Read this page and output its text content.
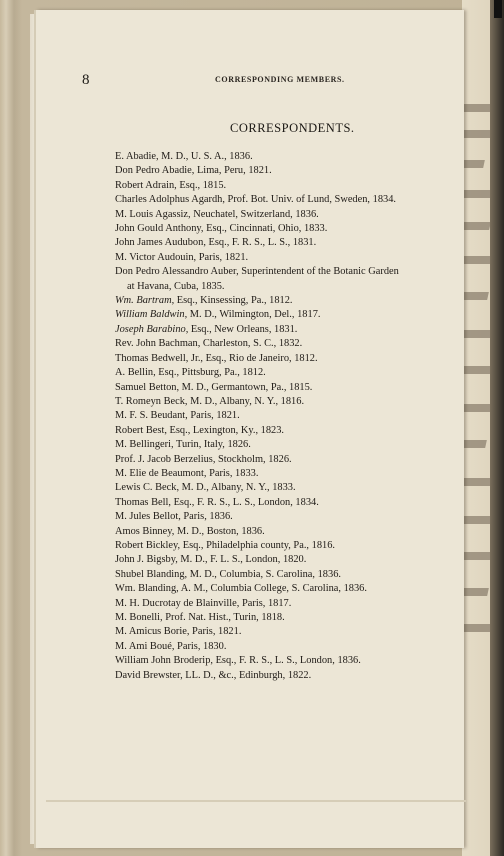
8	CORRESPONDING MEMBERS.
CORRESPONDENTS.
E. Abadie, M. D., U. S. A., 1836.
Don Pedro Abadie, Lima, Peru, 1821.
Robert Adrain, Esq., 1815.
Charles Adolphus Agardh, Prof. Bot. Univ. of Lund, Sweden, 1834.
M. Louis Agassiz, Neuchatel, Switzerland, 1836.
John Gould Anthony, Esq., Cincinnati, Ohio, 1833.
John James Audubon, Esq., F. R. S., L. S., 1831.
M. Victor Audouin, Paris, 1821.
Don Pedro Alessandro Auber, Superintendent of the Botanic Garden
at Havana, Cuba, 1835.
Wm. Bartram, Esq., Kinsessing, Pa., 1812.
William Baldwin, M. D., Wilmington, Del., 1817.
Joseph Barabino, Esq., New Orleans, 1831.
Rev. John Bachman, Charleston, S. C., 1832.
Thomas Bedwell, Jr., Esq., Rio de Janeiro, 1812.
A. Bellin, Esq., Pittsburg, Pa., 1812.
Samuel Betton, M. D., Germantown, Pa., 1815.
T. Romeyn Beck, M. D., Albany, N. Y., 1816.
M. F. S. Beudant, Paris, 1821.
Robert Best, Esq., Lexington, Ky., 1823.
M. Bellingeri, Turin, Italy, 1826.
Prof. J. Jacob Berzelius, Stockholm, 1826.
M. Elie de Beaumont, Paris, 1833.
Lewis C. Beck, M. D., Albany, N. Y., 1833.
Thomas Bell, Esq., F. R. S., L. S., London, 1834.
M. Jules Bellot, Paris, 1836.
Amos Binney, M. D., Boston, 1836.
Robert Bickley, Esq., Philadelphia county, Pa., 1816.
John J. Bigsby, M. D., F. L. S., London, 1820.
Shubel Blanding, M. D., Columbia, S. Carolina, 1836.
Wm. Blanding, A. M., Columbia College, S. Carolina, 1836.
M. H. Ducrotay de Blainville, Paris, 1817.
M. Bonelli, Prof. Nat. Hist., Turin, 1818.
M. Amicus Borie, Paris, 1821.
M. Ami Boué, Paris, 1830.
William John Broderip, Esq., F. R. S., L. S., London, 1836.
David Brewster, LL. D., &c., Edinburgh, 1822.
